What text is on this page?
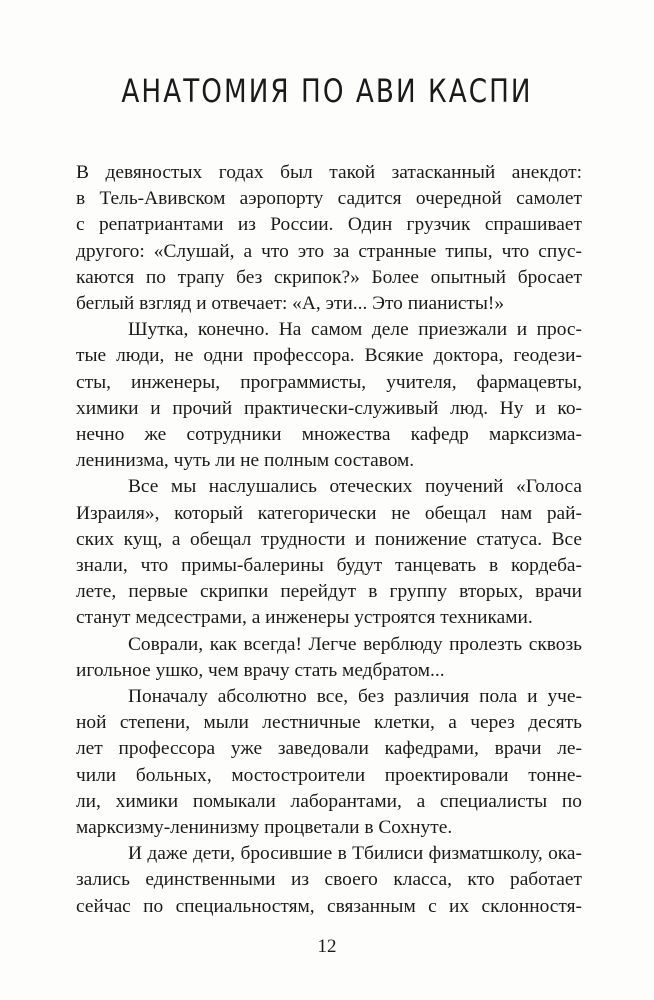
АНАТОМИЯ ПО АВИ КАСПИ
В девяностых годах был такой затасканный анекдот:
в Тель-Авивском аэропорту садится очередной самолет
с репатриантами из России. Один грузчик спрашивает
другого: «Слушай, а что это за странные типы, что спус-
каются по трапу без скрипок?» Более опытный бросает
беглый взгляд и отвечает: «А, эти... Это пианисты!»
Шутка, конечно. На самом деле приезжали и прос-
тые люди, не одни профессора. Всякие доктора, геодези-
сты, инженеры, программисты, учителя, фармацевты,
химики и прочий практически-служивый люд. Ну и ко-
нечно же сотрудники множества кафедр марксизма-
ленинизма, чуть ли не полным составом.
Все мы наслушались отеческих поучений «Голоса
Израиля», который категорически не обещал нам рай-
ских кущ, а обещал трудности и понижение статуса. Все
знали, что примы-балерины будут танцевать в кордеба-
лете, первые скрипки перейдут в группу вторых, врачи
станут медсестрами, а инженеры устроятся техниками.
Соврали, как всегда! Легче верблюду пролезть сквозь
игольное ушко, чем врачу стать медбратом...
Поначалу абсолютно все, без различия пола и уче-
ной степени, мыли лестничные клетки, а через десять
лет профессора уже заведовали кафедрами, врачи ле-
чили больных, мостостроители проектировали тонне-
ли, химики помыкали лаборантами, а специалисты по
марксизму-ленинизму процветали в Сохнуте.
И даже дети, бросившие в Тбилиси физматшколу, ока-
зались единственными из своего класса, кто работает
сейчас по специальностям, связанным с их склонностя-
12
